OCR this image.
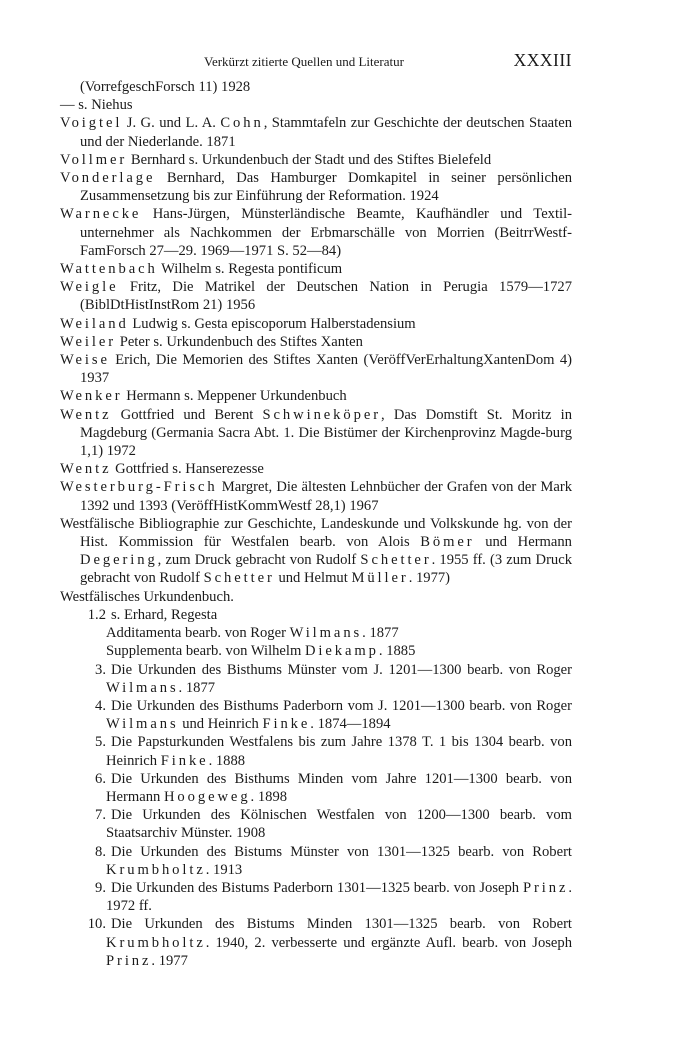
Verkürzt zitierte Quellen und Literatur	XXXIII
(VorrefgeschForsch 11) 1928
— s. Niehus
Voigtel J. G. und L. A. Cohn, Stammtafeln zur Geschichte der deutschen Staaten und der Niederlande. 1871
Vollmer Bernhard s. Urkundenbuch der Stadt und des Stiftes Bielefeld
Vonderlage Bernhard, Das Hamburger Domkapitel in seiner persönlichen Zusammensetzung bis zur Einführung der Reformation. 1924
Warnecke Hans-Jürgen, Münsterländische Beamte, Kaufhändler und Textil-unternehmer als Nachkommen der Erbmarschälle von Morrien (BeitrrWestf-FamForsch 27—29. 1969—1971 S. 52—84)
Wattenbach Wilhelm s. Regesta pontificum
Weigle Fritz, Die Matrikel der Deutschen Nation in Perugia 1579—1727 (BiblDtHistInstRom 21) 1956
Weiland Ludwig s. Gesta episcoporum Halberstadensium
Weiler Peter s. Urkundenbuch des Stiftes Xanten
Weise Erich, Die Memorien des Stiftes Xanten (VeröffVerErhaltungXantenDom 4) 1937
Wenker Hermann s. Meppener Urkundenbuch
Wentz Gottfried und Berent Schwineköper, Das Domstift St. Moritz in Magdeburg (Germania Sacra Abt. 1. Die Bistümer der Kirchenprovinz Magde-burg 1,1) 1972
Wentz Gottfried s. Hanserezesse
Westerburg-Frisch Margret, Die ältesten Lehnbücher der Grafen von der Mark 1392 und 1393 (VeröffHistKommWestf 28,1) 1967
Westfälische Bibliographie zur Geschichte, Landeskunde und Volkskunde hg. von der Hist. Kommission für Westfalen bearb. von Alois Bömer und Hermann Degering, zum Druck gebracht von Rudolf Schetter. 1955 ff. (3 zum Druck gebracht von Rudolf Schetter und Helmut Müller. 1977)
Westfälisches Urkundenbuch.
1.2 s. Erhard, Regesta
Additamenta bearb. von Roger Wilmans. 1877
Supplementa bearb. von Wilhelm Diekamp. 1885
3. Die Urkunden des Bisthums Münster vom J. 1201—1300 bearb. von Roger Wilmans. 1877
4. Die Urkunden des Bisthums Paderborn vom J. 1201—1300 bearb. von Roger Wilmans und Heinrich Finke. 1874—1894
5. Die Papsturkunden Westfalens bis zum Jahre 1378 T. 1 bis 1304 bearb. von Heinrich Finke. 1888
6. Die Urkunden des Bisthums Minden vom Jahre 1201—1300 bearb. von Hermann Hoogeweg. 1898
7. Die Urkunden des Kölnischen Westfalen von 1200—1300 bearb. vom Staatsarchiv Münster. 1908
8. Die Urkunden des Bistums Münster von 1301—1325 bearb. von Robert Krumbholtz. 1913
9. Die Urkunden des Bistums Paderborn 1301—1325 bearb. von Joseph Prinz. 1972 ff.
10. Die Urkunden des Bistums Minden 1301—1325 bearb. von Robert Krumbholtz. 1940, 2. verbesserte und ergänzte Aufl. bearb. von Joseph Prinz. 1977
